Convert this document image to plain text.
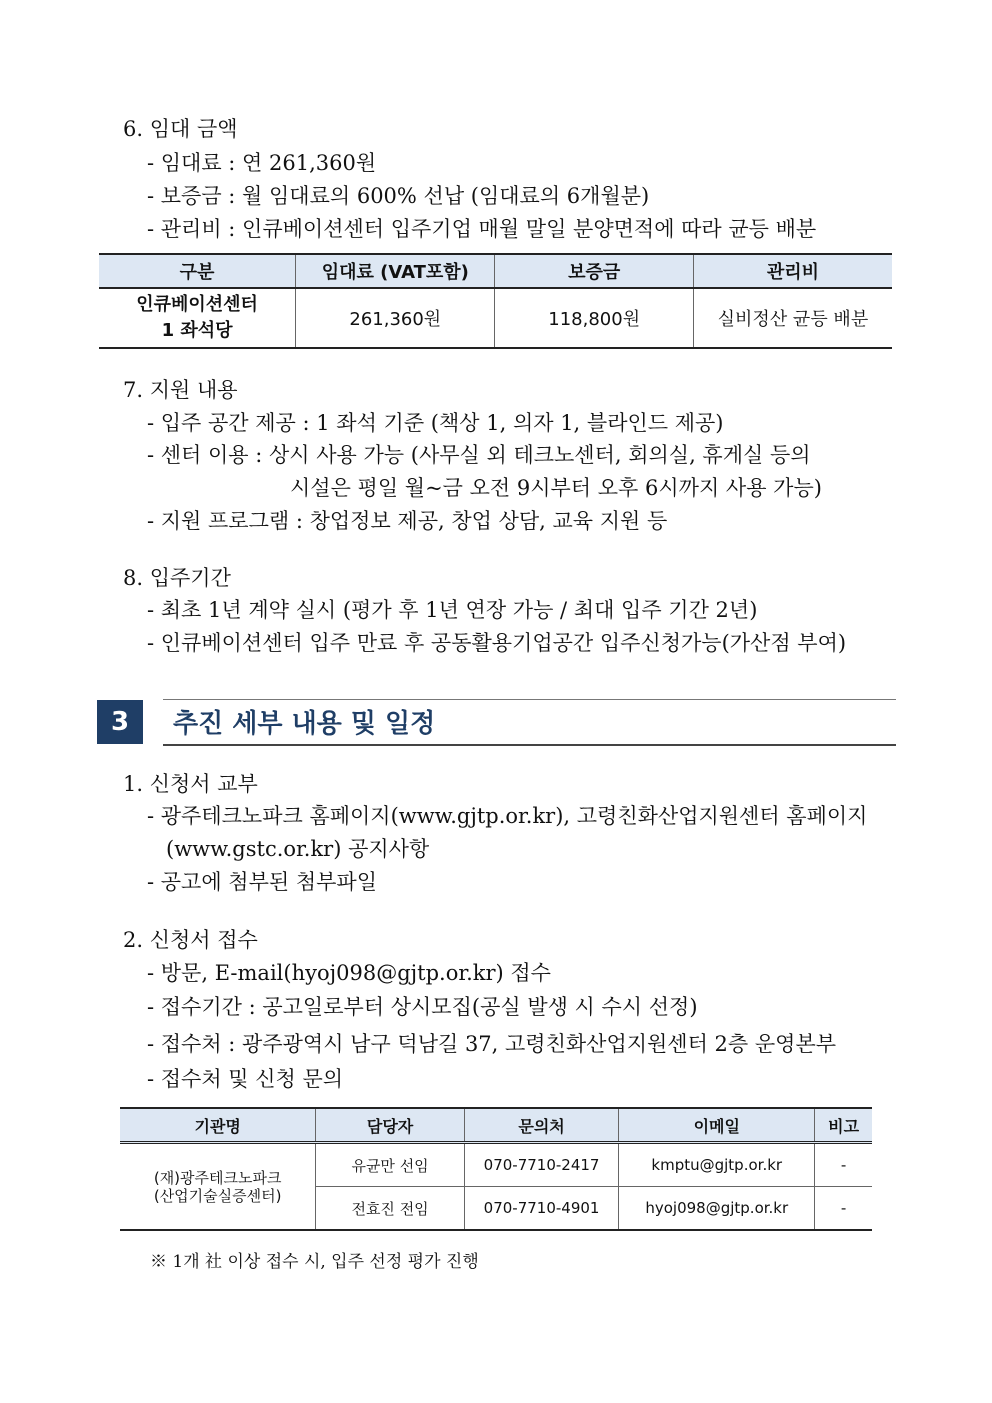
6. 임대 금액
- 임대료 : 연 261,360원
- 보증금 : 월 임대료의 600% 선납 (임대료의 6개월분)
- 관리비 : 인큐베이션센터 입주기업 매월 말일 분양면적에 따라 균등 배분
구분	임대료 (VAT포함)	보증금	관리비

인큐베이션센터
1 좌석당	261,360원	118,800원	실비정산 균등 배분
7. 지원 내용
- 입주 공간 제공 : 1 좌석 기준 (책상 1, 의자 1, 블라인드 제공)
- 센터 이용 : 상시 사용 가능 (사무실 외 테크노센터, 회의실, 휴게실 등의
시설은 평일 월~금 오전 9시부터 오후 6시까지 사용 가능)
- 지원 프로그램 : 창업정보 제공, 창업 상담, 교육 지원 등
8. 입주기간
- 최초 1년 계약 실시 (평가 후 1년 연장 가능 / 최대 입주 기간 2년)
- 인큐베이션센터 입주 만료 후 공동활용기업공간 입주신청가능(가산점 부여)
3	추진 세부 내용 및 일정
1. 신청서 교부
- 광주테크노파크 홈페이지(www.gjtp.or.kr), 고령친화산업지원센터 홈페이지
(www.gstc.or.kr) 공지사항
- 공고에 첨부된 첨부파일
2. 신청서 접수
- 방문, E-mail(hyoj098@gjtp.or.kr) 접수
- 접수기간 : 공고일로부터 상시모집(공실 발생 시 수시 선정)
- 접수처 : 광주광역시 남구 덕남길 37, 고령친화산업지원센터 2층 운영본부
- 접수처 및 신청 문의
기관명	담당자	문의처	이메일	비고

(재)광주테크노파크
(산업기술실증센터)	유균만 선임	070-7710-2417	kmptu@gjtp.or.kr	-
	전효진 전임	070-7710-4901	hyoj098@gjtp.or.kr	-
※ 1개 社 이상 접수 시, 입주 선정 평가 진행
